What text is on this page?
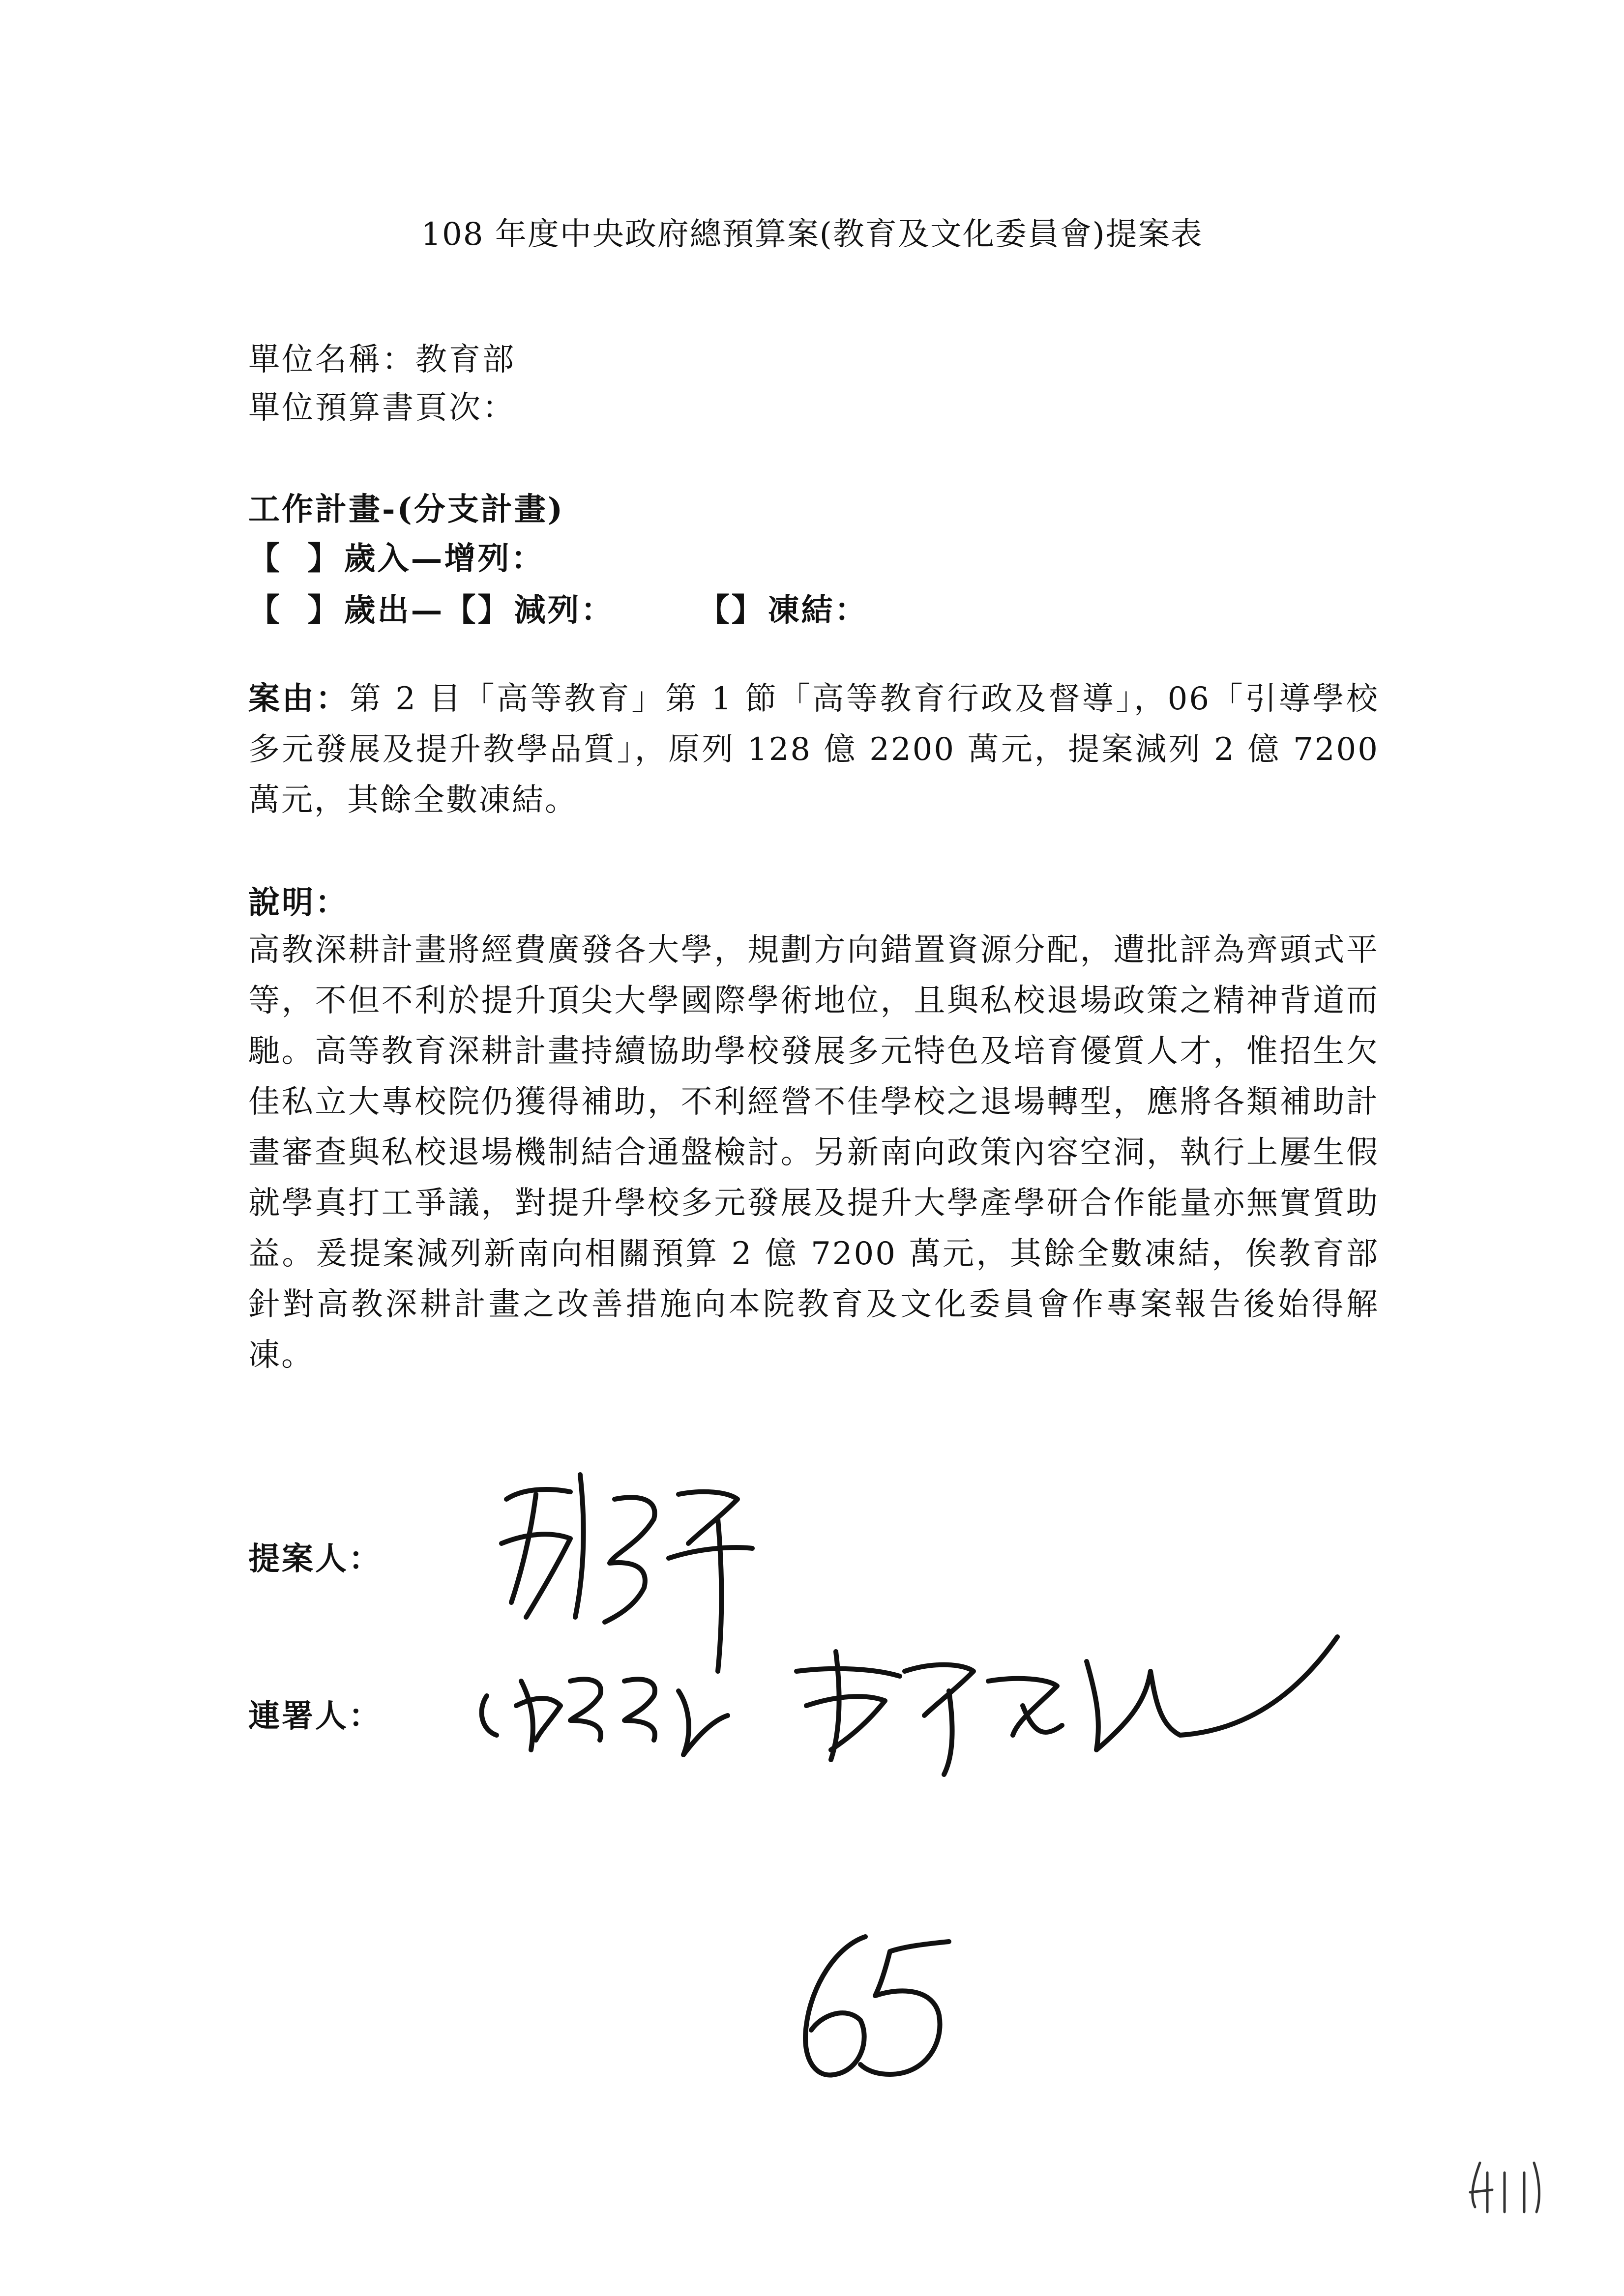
108 年度中央政府總預算案(教育及文化委員會)提案表
單位名稱：教育部
單位預算書頁次：
工作計畫-(分支計畫)
【 】歲入—增列：
【 】歲出—【】減列：	【】凍結：
案由：第 2 目「高等教育」第 1 節「高等教育行政及督導」，06「引導學校多元發展及提升教學品質」，原列 128 億 2200 萬元，提案減列 2 億 7200 萬元，其餘全數凍結。
說明：
高教深耕計畫將經費廣發各大學，規劃方向錯置資源分配，遭批評為齊頭式平等，不但不利於提升頂尖大學國際學術地位，且與私校退場政策之精神背道而馳。高等教育深耕計畫持續協助學校發展多元特色及培育優質人才，惟招生欠佳私立大專校院仍獲得補助，不利經營不佳學校之退場轉型，應將各類補助計畫審查與私校退場機制結合通盤檢討。另新南向政策內容空洞，執行上屢生假就學真打工爭議，對提升學校多元發展及提升大學產學研合作能量亦無實質助益。爰提案減列新南向相關預算 2 億 7200 萬元，其餘全數凍結，俟教育部針對高教深耕計畫之改善措施向本院教育及文化委員會作專案報告後始得解凍。
提案人：
連署人：
